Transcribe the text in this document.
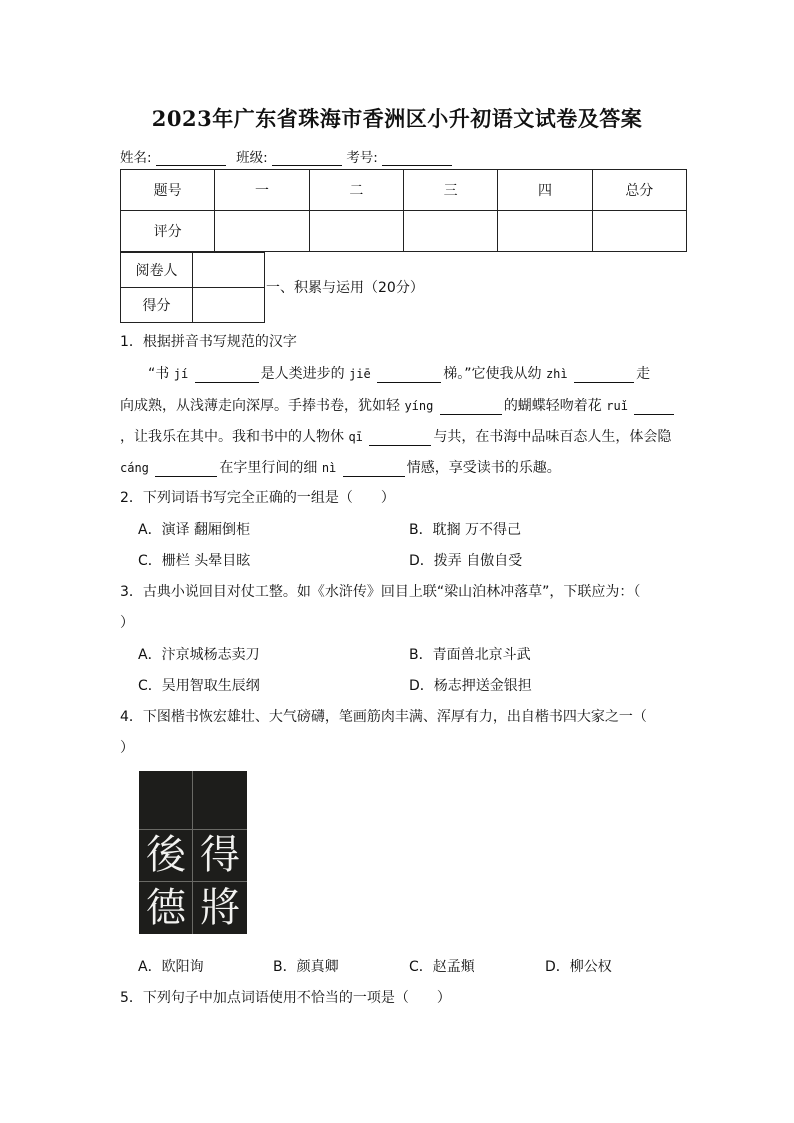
2023年广东省珠海市香洲区小升初语文试卷及答案
姓名:	班级:	考号:
题号	一	二	三	四	总分
评分					
阅卷人	
得分	
一、积累与运用（20分）
1．根据拼音书写规范的汉字
“书 jí	是人类进步的 jiē	梯。”它使我从幼 zhì	走
向成熟，从浅薄走向深厚。手捧书卷，犹如轻 yíng	的蝴蝶轻吻着花 ruǐ
，让我乐在其中。我和书中的人物休 qī	与共，在书海中品味百态人生，体会隐
cáng	在字里行间的细 nì	情感，享受读书的乐趣。
2．下列词语书写完全正确的一组是（　　）
A．演译 翻厢倒柜	B．耽搁 万不得己
C．栅栏 头晕目眩	D．拨弄 自傲自受
3．古典小说回目对仗工整。如《水浒传》回目上联“梁山泊林冲落草”，下联应为：（
）
A．汴京城杨志卖刀	B．青面兽北京斗武
C．吴用智取生辰纲	D．杨志押送金银担
4．下图楷书恢宏雄壮、大气磅礴，笔画筋肉丰满、浑厚有力，出自楷书四大家之一（
）
後 得
德 將
A．欧阳询	B．颜真卿	C．赵孟頫	D．柳公权
5．下列句子中加点词语使用不恰当的一项是（　　）
